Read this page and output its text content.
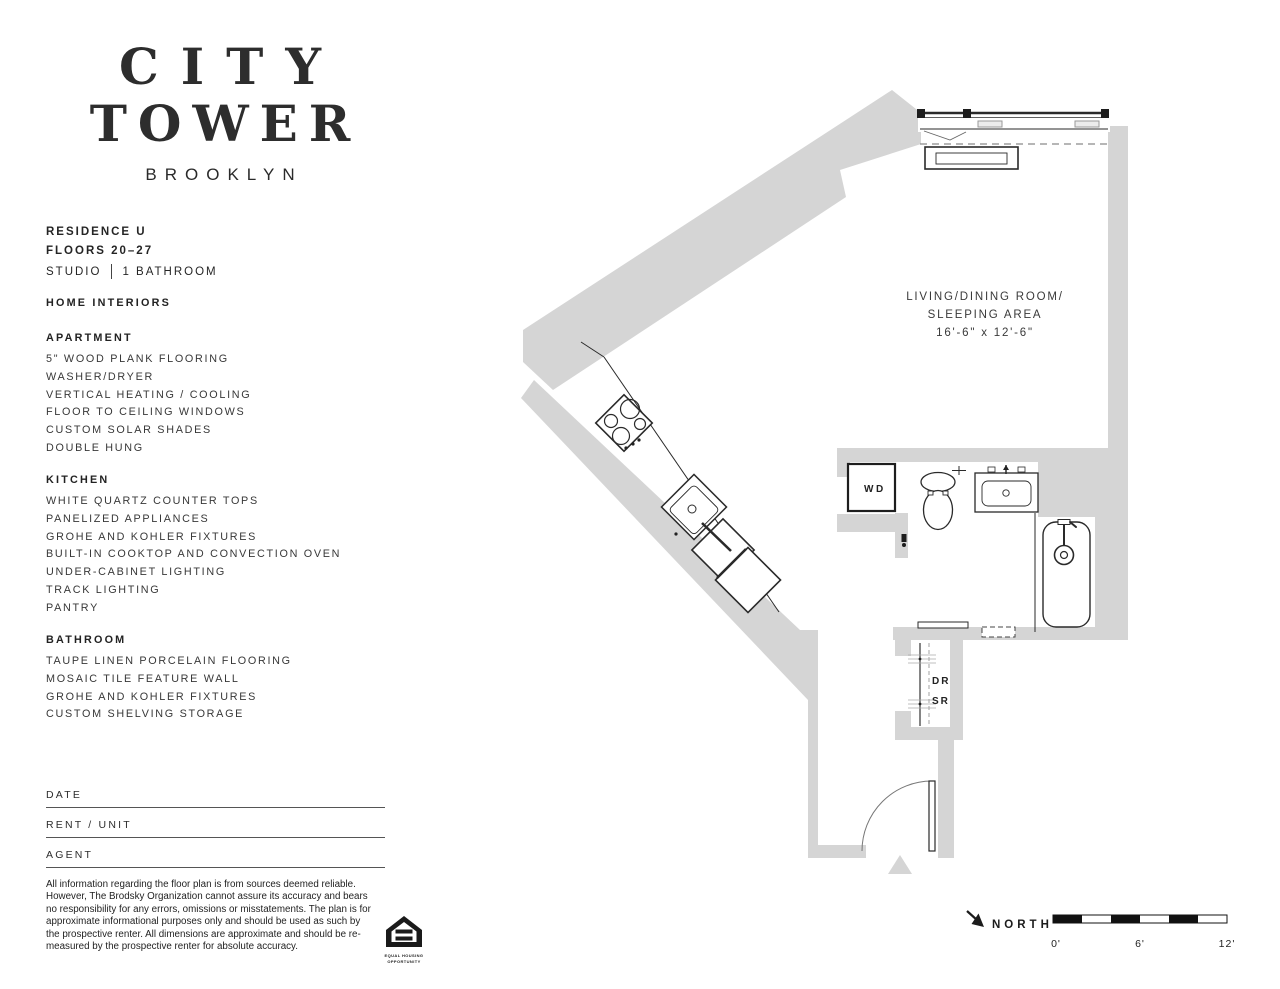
CITY
TOWER
BROOKLYN
RESIDENCE U
FLOORS 20–27
STUDIO 1 BATHROOM
HOME INTERIORS
APARTMENT
5" WOOD PLANK FLOORING
WASHER/DRYER
VERTICAL HEATING / COOLING
FLOOR TO CEILING WINDOWS
CUSTOM SOLAR SHADES
DOUBLE HUNG
KITCHEN
WHITE QUARTZ COUNTER TOPS
PANELIZED APPLIANCES
GROHE AND KOHLER FIXTURES
BUILT-IN COOKTOP AND CONVECTION OVEN
UNDER-CABINET LIGHTING
TRACK LIGHTING
PANTRY
BATHROOM
TAUPE LINEN PORCELAIN FLOORING
MOSAIC TILE FEATURE WALL
GROHE AND KOHLER FIXTURES
CUSTOM SHELVING STORAGE
DATE
RENT / UNIT
AGENT
All information regarding the floor plan is from sources deemed reliable. However, The Brodsky Organization cannot assure its accuracy and bears no responsibility for any errors, omissions or misstatements. The plan is for approximate informational purposes only and should be used as such by the prospective renter. All dimensions are approximate and should be re-measured by the prospective renter for absolute accuracy.
EQUAL HOUSING
OPPORTUNITY
WD
DR
SR
LIVING/DINING ROOM/
SLEEPING AREA
16'-6" x 12'-6"
NORTH
0'	6'	12'
